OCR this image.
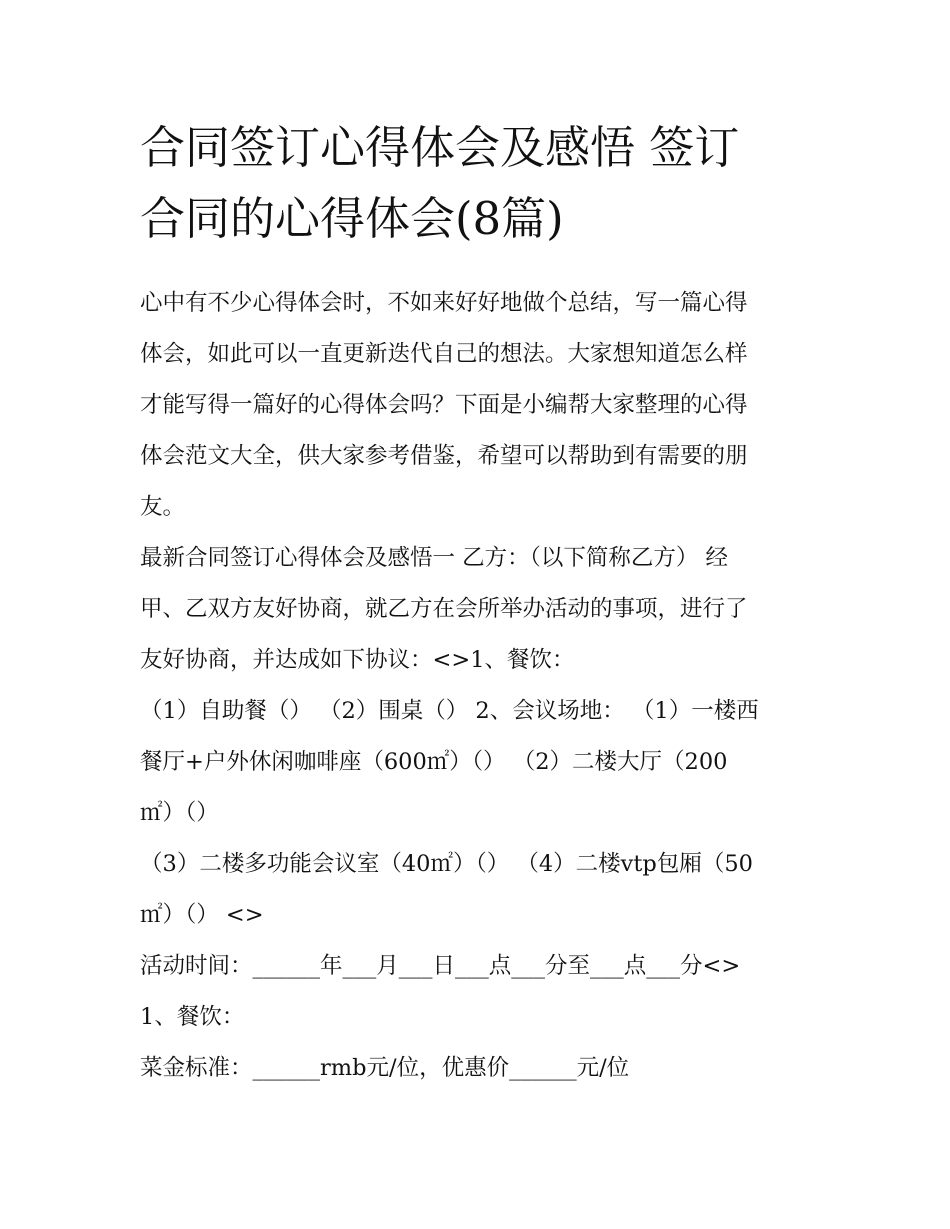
合同签订心得体会及感悟 签订
合同的心得体会(8篇)
心中有不少心得体会时，不如来好好地做个总结，写一篇心得
体会，如此可以一直更新迭代自己的想法。大家想知道怎么样
才能写得一篇好的心得体会吗？下面是小编帮大家整理的心得
体会范文大全，供大家参考借鉴，希望可以帮助到有需要的朋
友。
最新合同签订心得体会及感悟一 乙方：（以下简称乙方） 经
甲、乙双方友好协商，就乙方在会所举办活动的事项，进行了
友好协商，并达成如下协议：<>1、餐饮：
（1）自助餐（） （2）围桌（） 2、会议场地： （1）一楼西
餐厅+户外休闲咖啡座（600㎡）（） （2）二楼大厅（200
㎡）（）
（3）二楼多功能会议室（40㎡）（） （4）二楼vtp包厢（50
㎡）（） <>
活动时间：______年___月___日___点___分至___点___分<>
1、餐饮：
菜金标准：______rmb元/位，优惠价______元/位
